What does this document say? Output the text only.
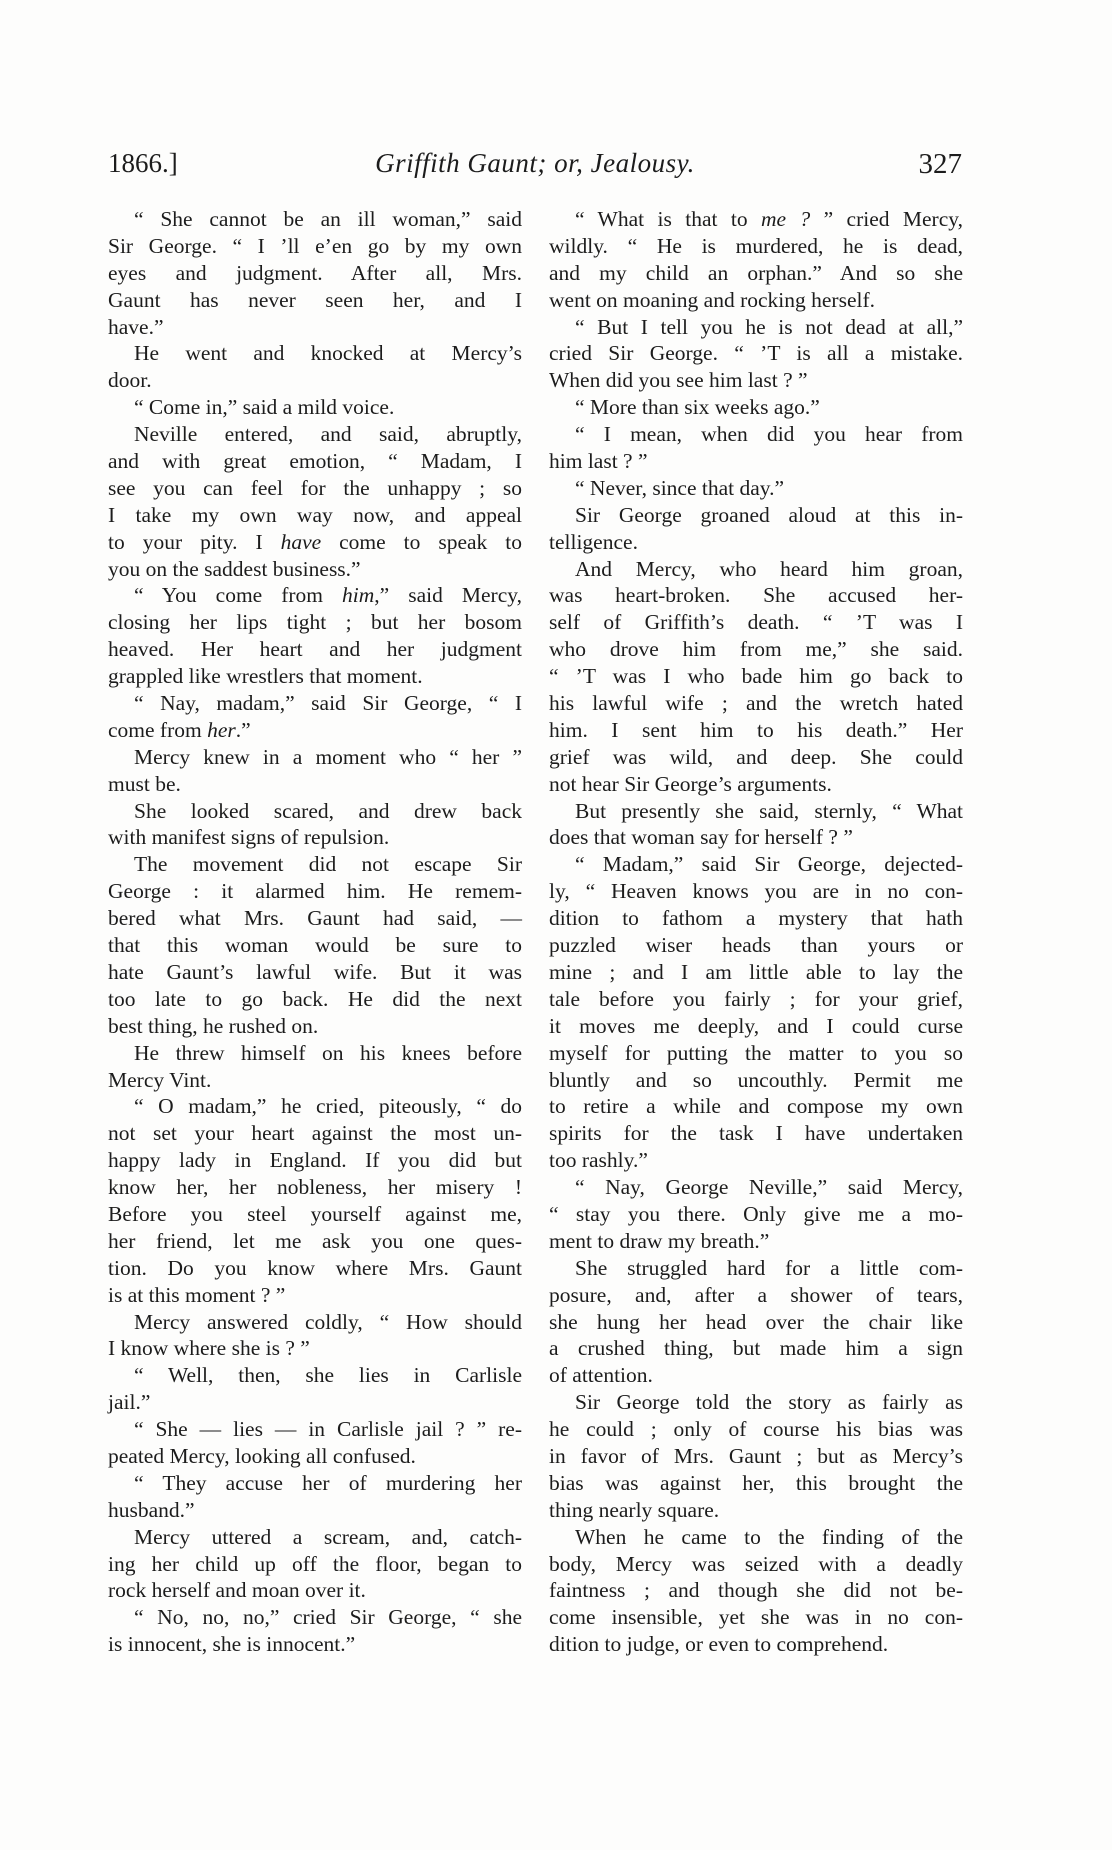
1866.]	Griffith Gaunt; or, Jealousy.	327
“ She cannot be an ill woman,” said
Sir George. “ I ’ll e’en go by my own
eyes and judgment. After all, Mrs.
Gaunt has never seen her, and I
have.”
He went and knocked at Mercy’s
door.
“ Come in,” said a mild voice.
Neville entered, and said, abruptly,
and with great emotion, “ Madam, I
see you can feel for the unhappy ; so
I take my own way now, and appeal
to your pity. I have come to speak to
you on the saddest business.”
“ You come from him,” said Mercy,
closing her lips tight ; but her bosom
heaved. Her heart and her judgment
grappled like wrestlers that moment.
“ Nay, madam,” said Sir George, “ I
come from her.”
Mercy knew in a moment who “ her ”
must be.
She looked scared, and drew back
with manifest signs of repulsion.
The movement did not escape Sir
George : it alarmed him. He remem-
bered what Mrs. Gaunt had said, —
that this woman would be sure to
hate Gaunt’s lawful wife. But it was
too late to go back. He did the next
best thing, he rushed on.
He threw himself on his knees before
Mercy Vint.
“ O madam,” he cried, piteously, “ do
not set your heart against the most un-
happy lady in England. If you did but
know her, her nobleness, her misery !
Before you steel yourself against me,
her friend, let me ask you one ques-
tion. Do you know where Mrs. Gaunt
is at this moment ? ”
Mercy answered coldly, “ How should
I know where she is ? ”
“ Well, then, she lies in Carlisle
jail.”
“ She — lies — in Carlisle jail ? ” re-
peated Mercy, looking all confused.
“ They accuse her of murdering her
husband.”
Mercy uttered a scream, and, catch-
ing her child up off the floor, began to
rock herself and moan over it.
“ No, no, no,” cried Sir George, “ she
is innocent, she is innocent.”
“ What is that to me ? ” cried Mercy,
wildly. “ He is murdered, he is dead,
and my child an orphan.” And so she
went on moaning and rocking herself.
“ But I tell you he is not dead at all,”
cried Sir George. “ ’T is all a mistake.
When did you see him last ? ”
“ More than six weeks ago.”
“ I mean, when did you hear from
him last ? ”
“ Never, since that day.”
Sir George groaned aloud at this in-
telligence.
And Mercy, who heard him groan,
was heart-broken. She accused her-
self of Griffith’s death. “ ’T was I
who drove him from me,” she said.
“ ’T was I who bade him go back to
his lawful wife ; and the wretch hated
him. I sent him to his death.” Her
grief was wild, and deep. She could
not hear Sir George’s arguments.
But presently she said, sternly, “ What
does that woman say for herself ? ”
“ Madam,” said Sir George, dejected-
ly, “ Heaven knows you are in no con-
dition to fathom a mystery that hath
puzzled wiser heads than yours or
mine ; and I am little able to lay the
tale before you fairly ; for your grief,
it moves me deeply, and I could curse
myself for putting the matter to you so
bluntly and so uncouthly. Permit me
to retire a while and compose my own
spirits for the task I have undertaken
too rashly.”
“ Nay, George Neville,” said Mercy,
“ stay you there. Only give me a mo-
ment to draw my breath.”
She struggled hard for a little com-
posure, and, after a shower of tears,
she hung her head over the chair like
a crushed thing, but made him a sign
of attention.
Sir George told the story as fairly as
he could ; only of course his bias was
in favor of Mrs. Gaunt ; but as Mercy’s
bias was against her, this brought the
thing nearly square.
When he came to the finding of the
body, Mercy was seized with a deadly
faintness ; and though she did not be-
come insensible, yet she was in no con-
dition to judge, or even to comprehend.
